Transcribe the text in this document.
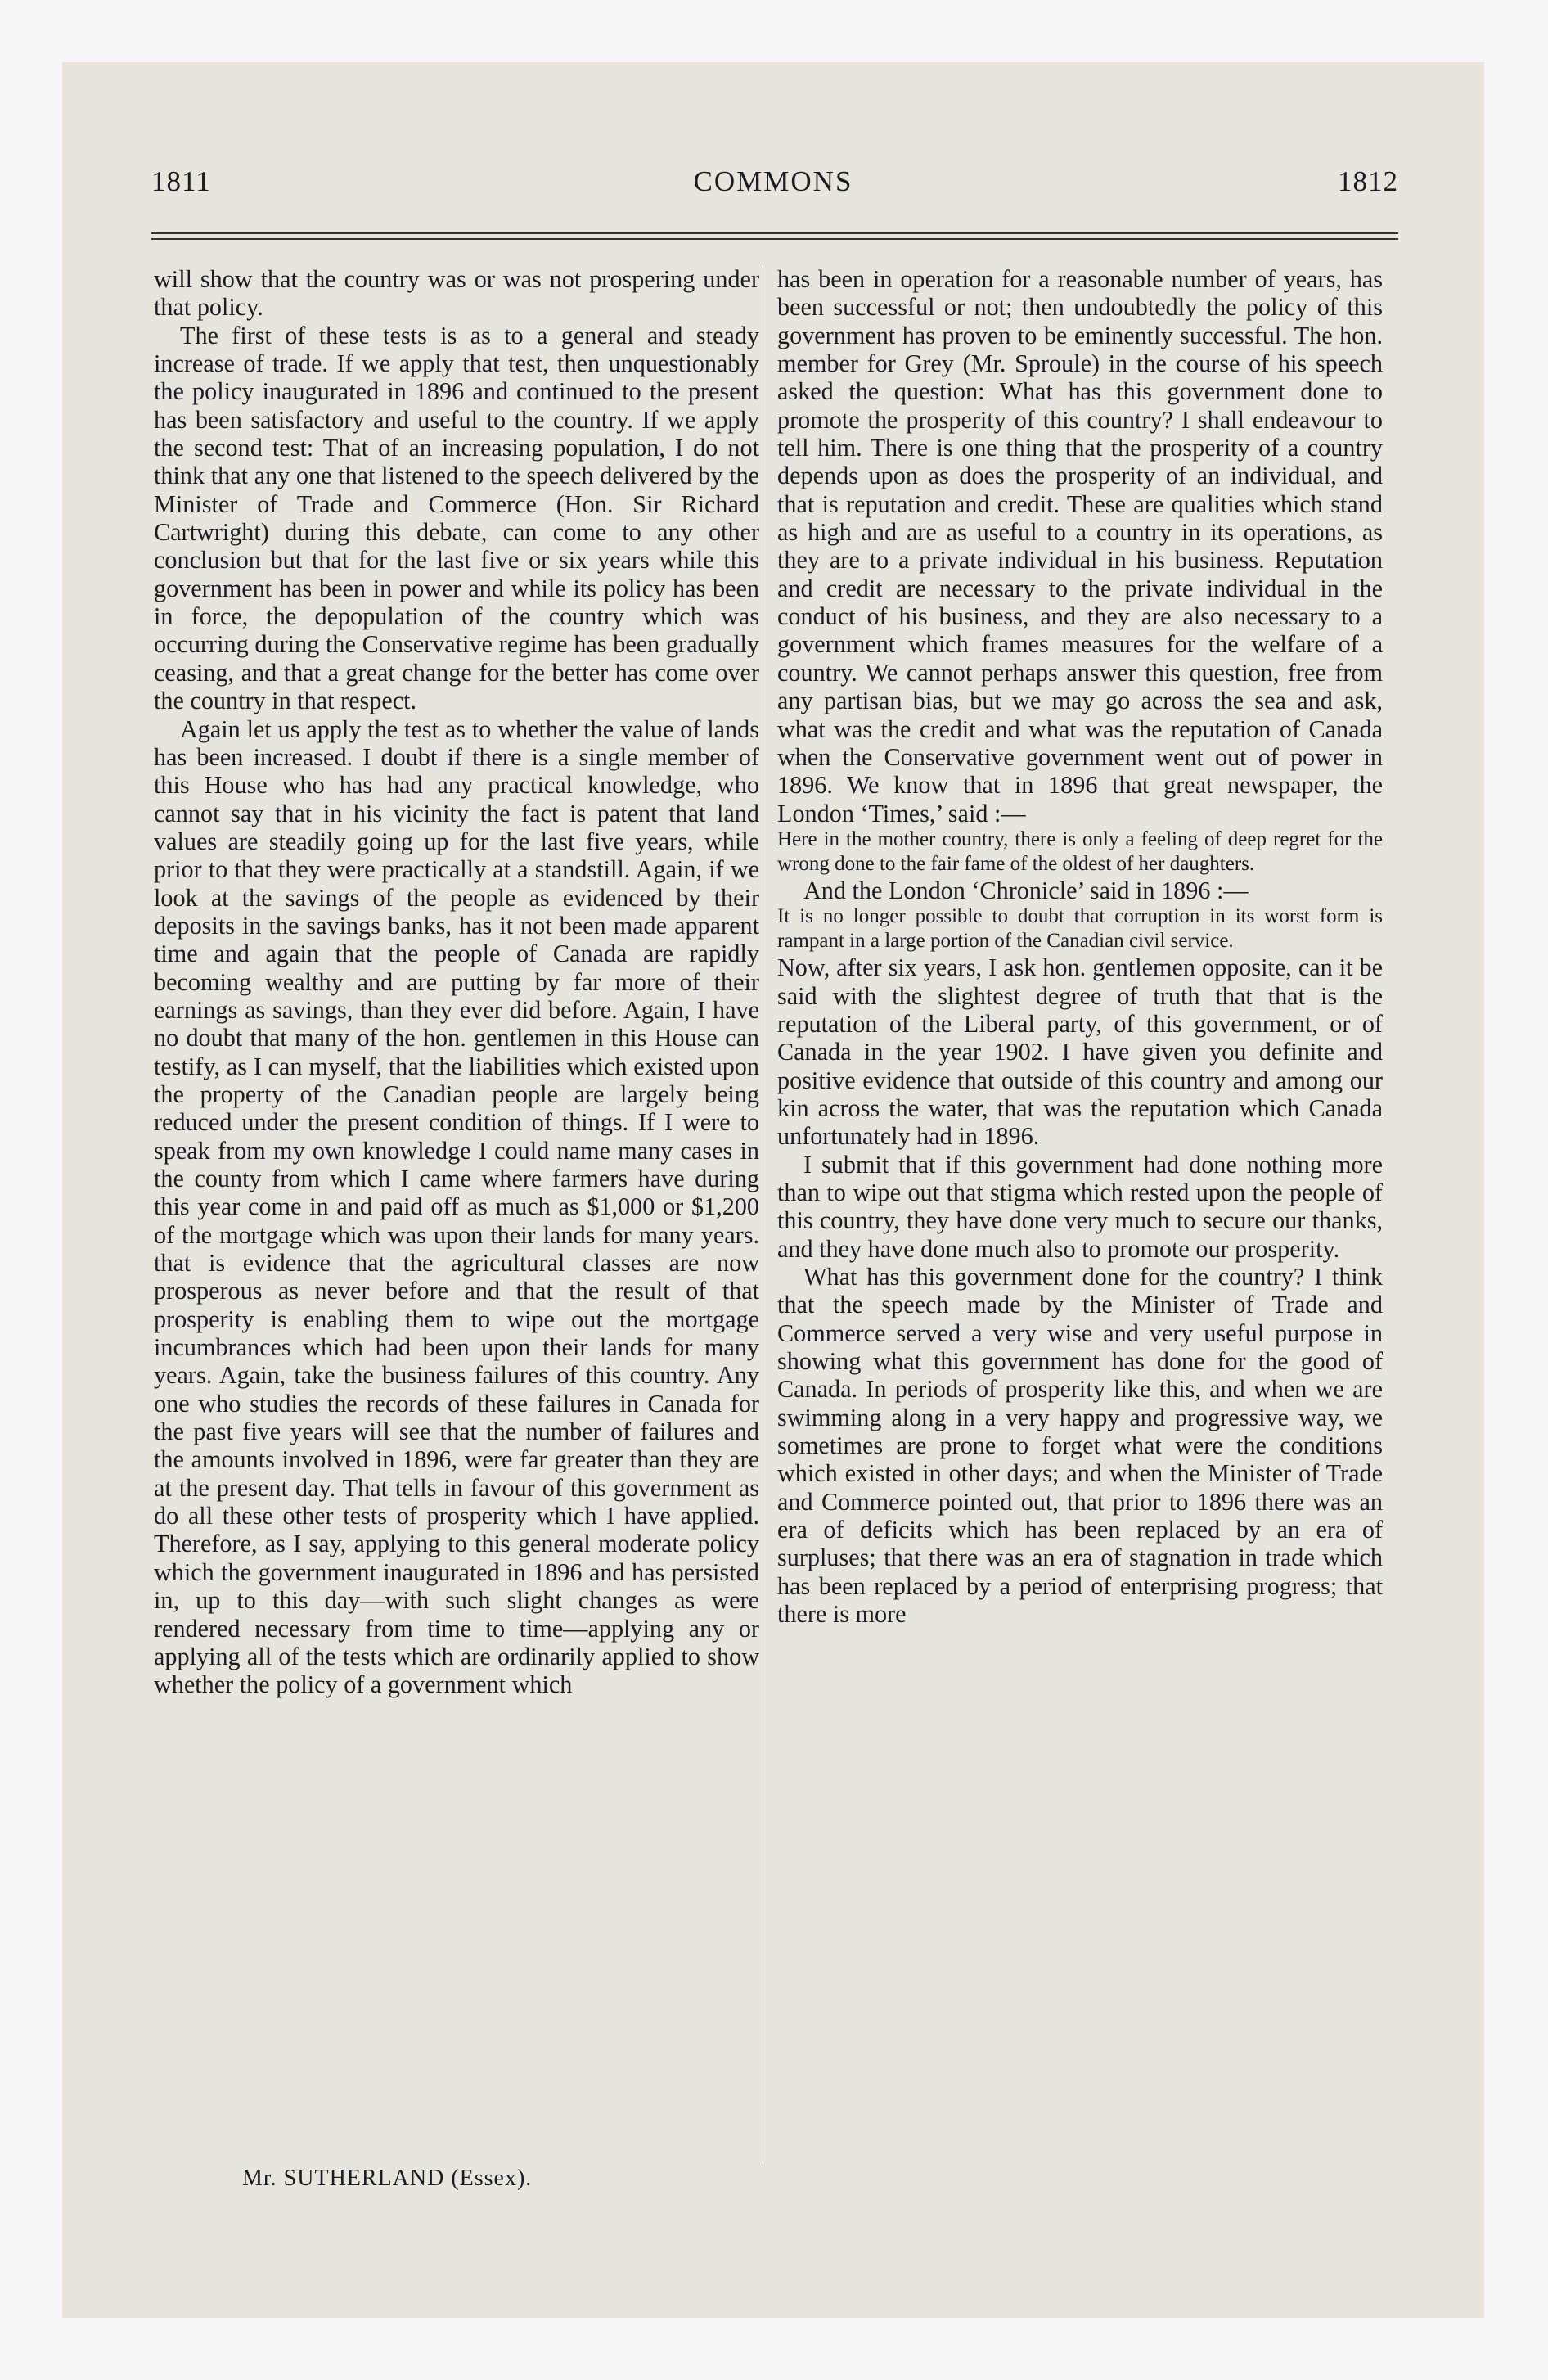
1811	COMMONS	1812

will show that the country was or was not prospering under that policy.

The first of these tests is as to a general and steady increase of trade. If we apply that test, then unquestionably the policy inaugurated in 1896 and continued to the present has been satisfactory and useful to the country. If we apply the second test: That of an increasing population, I do not think that any one that listened to the speech delivered by the Minister of Trade and Commerce (Hon. Sir Richard Cartwright) during this debate, can come to any other conclusion but that for the last five or six years while this government has been in power and while its policy has been in force, the depopulation of the country which was occurring during the Conservative regime has been gradually ceasing, and that a great change for the better has come over the country in that respect.

Again let us apply the test as to whether the value of lands has been increased. I doubt if there is a single member of this House who has had any practical knowledge, who cannot say that in his vicinity the fact is patent that land values are steadily going up for the last five years, while prior to that they were practically at a standstill. Again, if we look at the savings of the people as evidenced by their deposits in the savings banks, has it not been made apparent time and again that the people of Canada are rapidly becoming wealthy and are putting by far more of their earnings as savings, than they ever did before. Again, I have no doubt that many of the hon. gentlemen in this House can testify, as I can myself, that the liabilities which existed upon the property of the Canadian people are largely being reduced under the present condition of things. If I were to speak from my own knowledge I could name many cases in the county from which I came where farmers have during this year come in and paid off as much as $1,000 or $1,200 of the mortgage which was upon their lands for many years. that is evidence that the agricultural classes are now prosperous as never before and that the result of that prosperity is enabling them to wipe out the mortgage incumbrances which had been upon their lands for many years. Again, take the business failures of this country. Any one who studies the records of these failures in Canada for the past five years will see that the number of failures and the amounts involved in 1896, were far greater than they are at the present day. That tells in favour of this government as do all these other tests of prosperity which I have applied. Therefore, as I say, applying to this general moderate policy which the government inaugurated in 1896 and has persisted in, up to this day—with such slight changes as were rendered necessary from time to time—applying any or applying all of the tests which are ordinarily applied to show whether the policy of a government which

has been in operation for a reasonable number of years, has been successful or not; then undoubtedly the policy of this government has proven to be eminently successful. The hon. member for Grey (Mr. Sproule) in the course of his speech asked the question: What has this government done to promote the prosperity of this country? I shall endeavour to tell him. There is one thing that the prosperity of a country depends upon as does the prosperity of an individual, and that is reputation and credit. These are qualities which stand as high and are as useful to a country in its operations, as they are to a private individual in his business. Reputation and credit are necessary to the private individual in the conduct of his business, and they are also necessary to a government which frames measures for the welfare of a country. We cannot perhaps answer this question, free from any partisan bias, but we may go across the sea and ask, what was the credit and what was the reputation of Canada when the Conservative government went out of power in 1896. We know that in 1896 that great newspaper, the London ‘Times,’ said :—

Here in the mother country, there is only a feeling of deep regret for the wrong done to the fair fame of the oldest of her daughters.

And the London ‘Chronicle’ said in 1896 :—

It is no longer possible to doubt that corruption in its worst form is rampant in a large portion of the Canadian civil service.

Now, after six years, I ask hon. gentlemen opposite, can it be said with the slightest degree of truth that that is the reputation of the Liberal party, of this government, or of Canada in the year 1902. I have given you definite and positive evidence that outside of this country and among our kin across the water, that was the reputation which Canada unfortunately had in 1896.

I submit that if this government had done nothing more than to wipe out that stigma which rested upon the people of this country, they have done very much to secure our thanks, and they have done much also to promote our prosperity.

What has this government done for the country? I think that the speech made by the Minister of Trade and Commerce served a very wise and very useful purpose in showing what this government has done for the good of Canada. In periods of prosperity like this, and when we are swimming along in a very happy and progressive way, we sometimes are prone to forget what were the conditions which existed in other days; and when the Minister of Trade and Commerce pointed out, that prior to 1896 there was an era of deficits which has been replaced by an era of surpluses; that there was an era of stagnation in trade which has been replaced by a period of enterprising progress; that there is more

Mr. SUTHERLAND (Essex).
